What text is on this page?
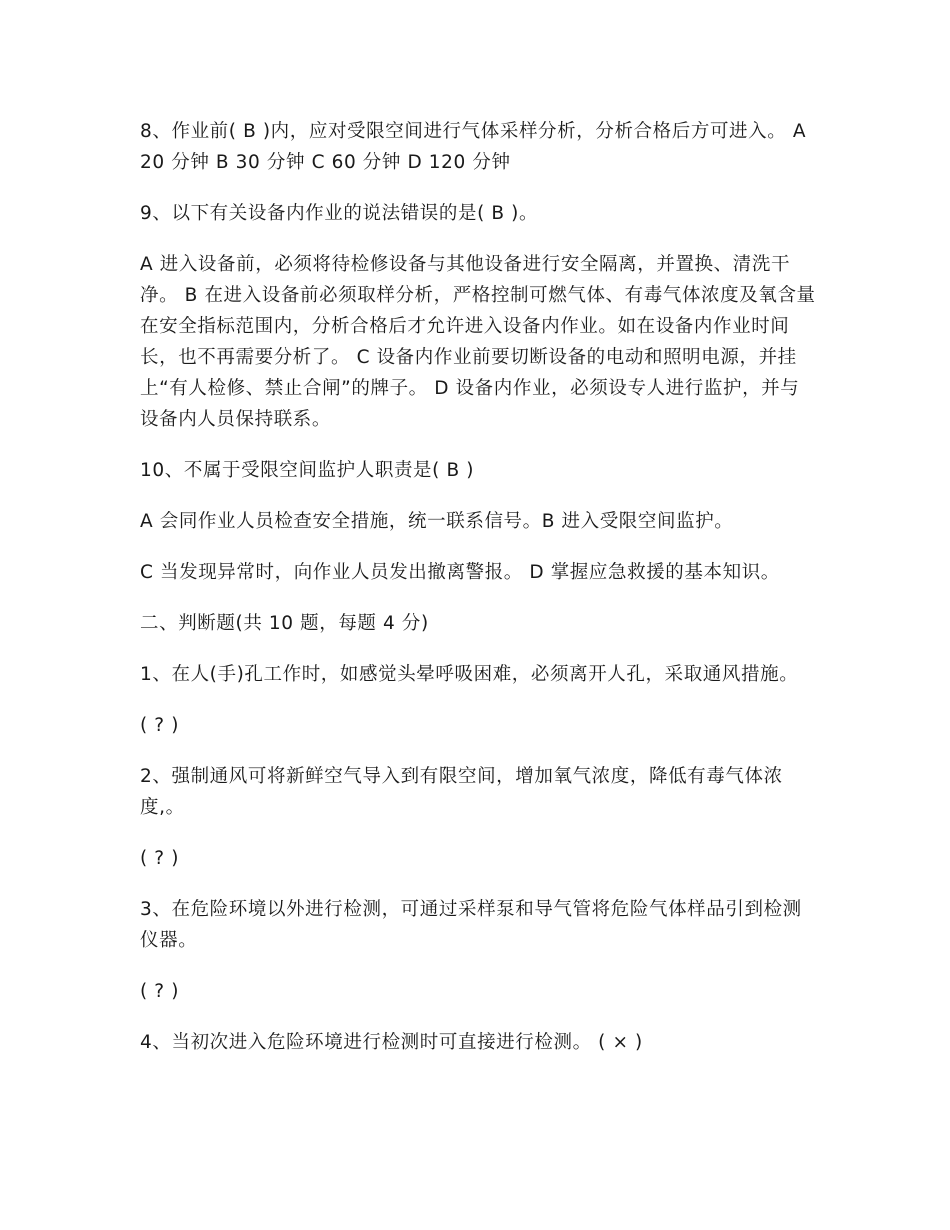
8、作业前( B )内，应对受限空间进行气体采样分析，分析合格后方可进入。 A 20 分钟 B 30 分钟 C 60 分钟 D 120 分钟

9、以下有关设备内作业的说法错误的是( B )。

A 进入设备前，必须将待检修设备与其他设备进行安全隔离，并置换、清洗干净。 B 在进入设备前必须取样分析，严格控制可燃气体、有毒气体浓度及氧含量在安全指标范围内，分析合格后才允许进入设备内作业。如在设备内作业时间长，也不再需要分析了。 C 设备内作业前要切断设备的电动和照明电源，并挂上“有人检修、禁止合闸”的牌子。 D 设备内作业，必须设专人进行监护，并与设备内人员保持联系。

10、不属于受限空间监护人职责是( B )

A 会同作业人员检查安全措施，统一联系信号。B 进入受限空间监护。

C 当发现异常时，向作业人员发出撤离警报。 D 掌握应急救援的基本知识。

二、判断题(共 10 题，每题 4 分)

1、在人(手)孔工作时，如感觉头晕呼吸困难，必须离开人孔，采取通风措施。

( ? )

2、强制通风可将新鲜空气导入到有限空间，增加氧气浓度，降低有毒气体浓度,。

( ? )

3、在危险环境以外进行检测，可通过采样泵和导气管将危险气体样品引到检测仪器。

( ? )

4、当初次进入危险环境进行检测时可直接进行检测。 ( × )
